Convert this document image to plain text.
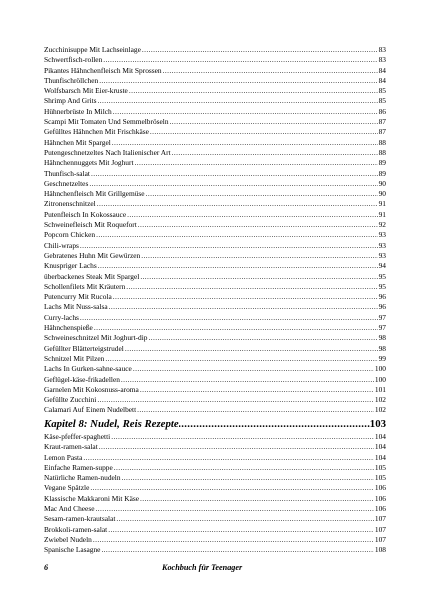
Zucchinisuppe Mit Lachseinlage .....	83
Schwertfisch-rollen .....	83
Pikantes Hähnchenfleisch Mit Sprossen .....	84
Thunfischröllchen .....	84
Wolfsbarsch Mit Eier-kruste .....	85
Shrimp And Grits .....	85
Hühnerbrüste In Milch .....	86
Scampi Mit Tomaten Und Semmelbröseln .....	87
Gefülltes Hähnchen Mit Frischkäse .....	87
Hähnchen Mit Spargel .....	88
Putengeschnetzeltes Nach Italienischer Art .....	88
Hähnchennuggets Mit Joghurt .....	89
Thunfisch-salat .....	89
Geschnetzeltes .....	90
Hähnchenfleisch Mit Grillgemüse .....	90
Zitronenschnitzel .....	91
Putenfleisch In Kokossauce .....	91
Schweinefleisch Mit Roquefort .....	92
Popcorn Chicken .....	93
Chili-wraps .....	93
Gebratenes Huhn Mit Gewürzen .....	93
Knuspriger Lachs .....	94
überbackenes Steak Mit Spargel .....	95
Schollenfilets Mit Kräutern .....	95
Putencurry Mit Rucola .....	96
Lachs Mit Nuss-salsa .....	96
Curry-lachs .....	97
Hähnchenspieße .....	97
Schweineschnitzel Mit Joghurt-dip .....	98
Gefüllter Blätterteigstrudel .....	98
Schnitzel Mit Pilzen .....	99
Lachs In Gurken-sahne-sauce .....	100
Geflügel-käse-frikadellen .....	100
Garnelen Mit Kokosnuss-aroma .....	101
Gefüllte Zucchini .....	102
Calamari Auf Einem Nudelbett .....	102
Kapitel 8: Nudel, Reis Rezepte .....	103
Käse-pfeffer-spaghetti .....	104
Kraut-ramen-salat .....	104
Lemon Pasta .....	104
Einfache Ramen-suppe .....	105
Natürliche Ramen-nudeln .....	105
Vegane Spätzle .....	106
Klassische Makkaroni Mit Käse .....	106
Mac And Cheese .....	106
Sesam-ramen-krautsalat .....	107
Brokkoli-ramen-salat .....	107
Zwiebel Nudeln .....	107
Spanische Lasagne .....	108
6	Kochbuch für Teenager
